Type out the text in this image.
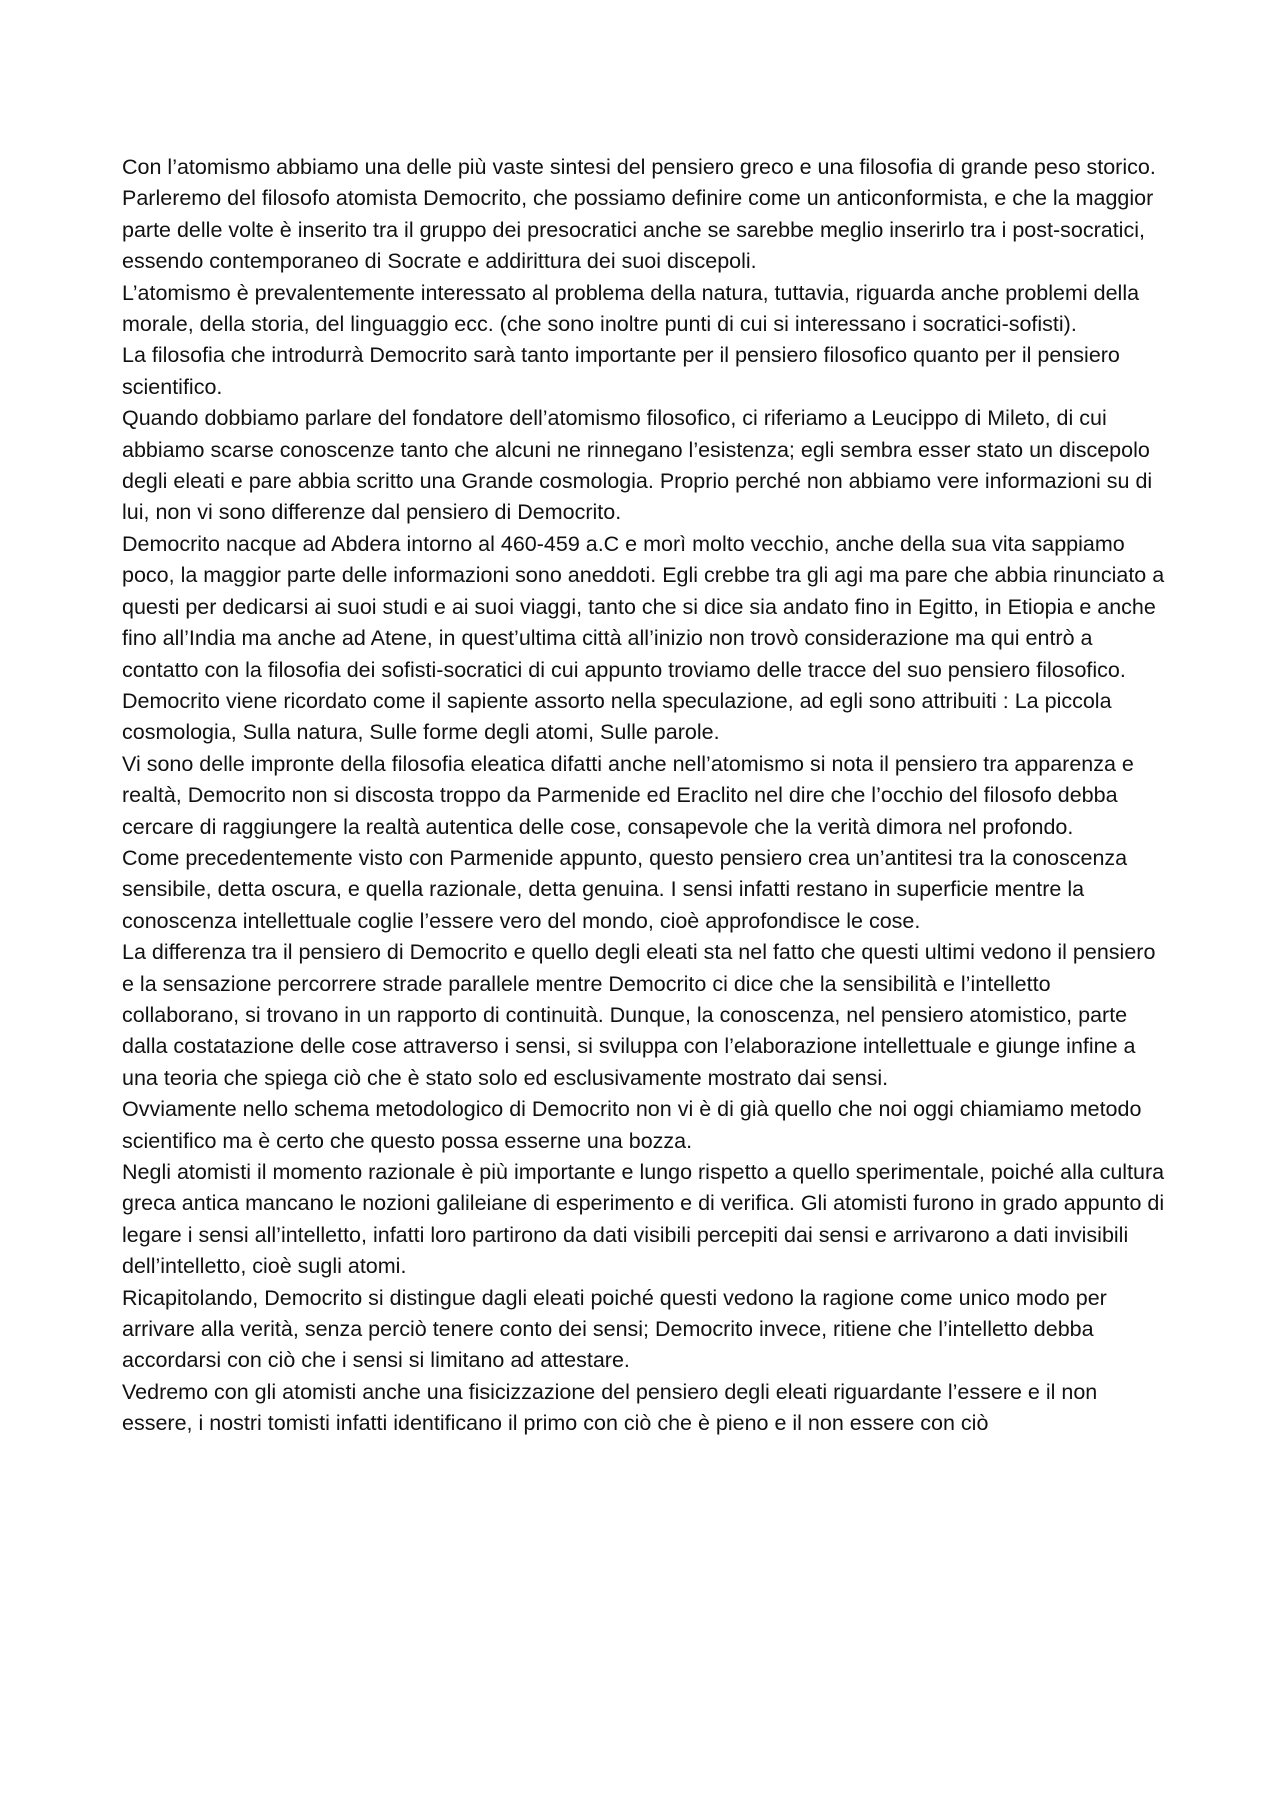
Con l’atomismo abbiamo una delle più vaste sintesi del pensiero greco e una filosofia di grande peso storico. Parleremo del filosofo atomista Democrito, che possiamo definire come un anticonformista, e che la maggior parte delle volte è inserito tra il gruppo dei presocratici anche se sarebbe meglio inserirlo tra i post-socratici, essendo contemporaneo di Socrate e addirittura dei suoi discepoli.

L’atomismo è prevalentemente interessato al problema della natura, tuttavia, riguarda anche problemi della morale, della storia, del linguaggio ecc. (che sono inoltre punti di cui si interessano i socratici-sofisti).

La filosofia che introdurrà Democrito sarà tanto importante per il pensiero filosofico quanto per il pensiero scientifico.

Quando dobbiamo parlare del fondatore dell’atomismo filosofico, ci riferiamo a Leucippo di Mileto, di cui abbiamo scarse conoscenze tanto che alcuni ne rinnegano l’esistenza; egli sembra esser stato un discepolo degli eleati e pare abbia scritto una Grande cosmologia. Proprio perché non abbiamo vere informazioni su di lui, non vi sono differenze dal pensiero di Democrito.

Democrito nacque ad Abdera intorno al 460-459 a.C e morì molto vecchio, anche della sua vita sappiamo poco, la maggior parte delle informazioni sono aneddoti. Egli crebbe tra gli agi ma pare che abbia rinunciato a questi per dedicarsi ai suoi studi e ai suoi viaggi, tanto che si dice sia andato fino in Egitto, in Etiopia e anche fino all’India ma anche ad Atene, in quest’ultima città all’inizio non trovò considerazione ma qui entrò a contatto con la filosofia dei sofisti-socratici di cui appunto troviamo delle tracce del suo pensiero filosofico. Democrito viene ricordato come il sapiente assorto nella speculazione, ad egli sono attribuiti : La piccola cosmologia, Sulla natura, Sulle forme degli atomi, Sulle parole.

Vi sono delle impronte della filosofia eleatica difatti anche nell’atomismo si nota il pensiero tra apparenza e realtà, Democrito non si discosta troppo da Parmenide ed Eraclito nel dire che l’occhio del filosofo debba cercare di raggiungere la realtà autentica delle cose, consapevole che la verità dimora nel profondo.

Come precedentemente visto con Parmenide appunto, questo pensiero crea un’antitesi tra la conoscenza sensibile, detta oscura, e quella razionale, detta genuina. I sensi infatti restano in superficie mentre la conoscenza intellettuale coglie l’essere vero del mondo, cioè approfondisce le cose.

La differenza tra il pensiero di Democrito e quello degli eleati sta nel fatto che questi ultimi vedono il pensiero e la sensazione percorrere strade parallele mentre Democrito ci dice che la sensibilità e l’intelletto collaborano, si trovano in un rapporto di continuità. Dunque, la conoscenza, nel pensiero atomistico, parte dalla costatazione delle cose attraverso i sensi, si sviluppa con l’elaborazione intellettuale e giunge infine a una teoria che spiega ciò che è stato solo ed esclusivamente mostrato dai sensi.

Ovviamente nello schema metodologico di Democrito non vi è di già quello che noi oggi chiamiamo metodo scientifico ma è certo che questo possa esserne una bozza.

Negli atomisti il momento razionale è più importante e lungo rispetto a quello sperimentale, poiché alla cultura greca antica mancano le nozioni galileiane di esperimento e di verifica. Gli atomisti furono in grado appunto di legare i sensi all’intelletto, infatti loro partirono da dati visibili percepiti dai sensi e arrivarono a dati invisibili dell’intelletto, cioè sugli atomi.

Ricapitolando, Democrito si distingue dagli eleati poiché questi vedono la ragione come unico modo per arrivare alla verità, senza perciò tenere conto dei sensi; Democrito invece, ritiene che l’intelletto debba accordarsi con ciò che i sensi si limitano ad attestare.

Vedremo con gli atomisti anche una fisicizzazione del pensiero degli eleati riguardante l’essere e il non essere, i nostri tomisti infatti identificano il primo con ciò che è pieno e il non essere con ciò
